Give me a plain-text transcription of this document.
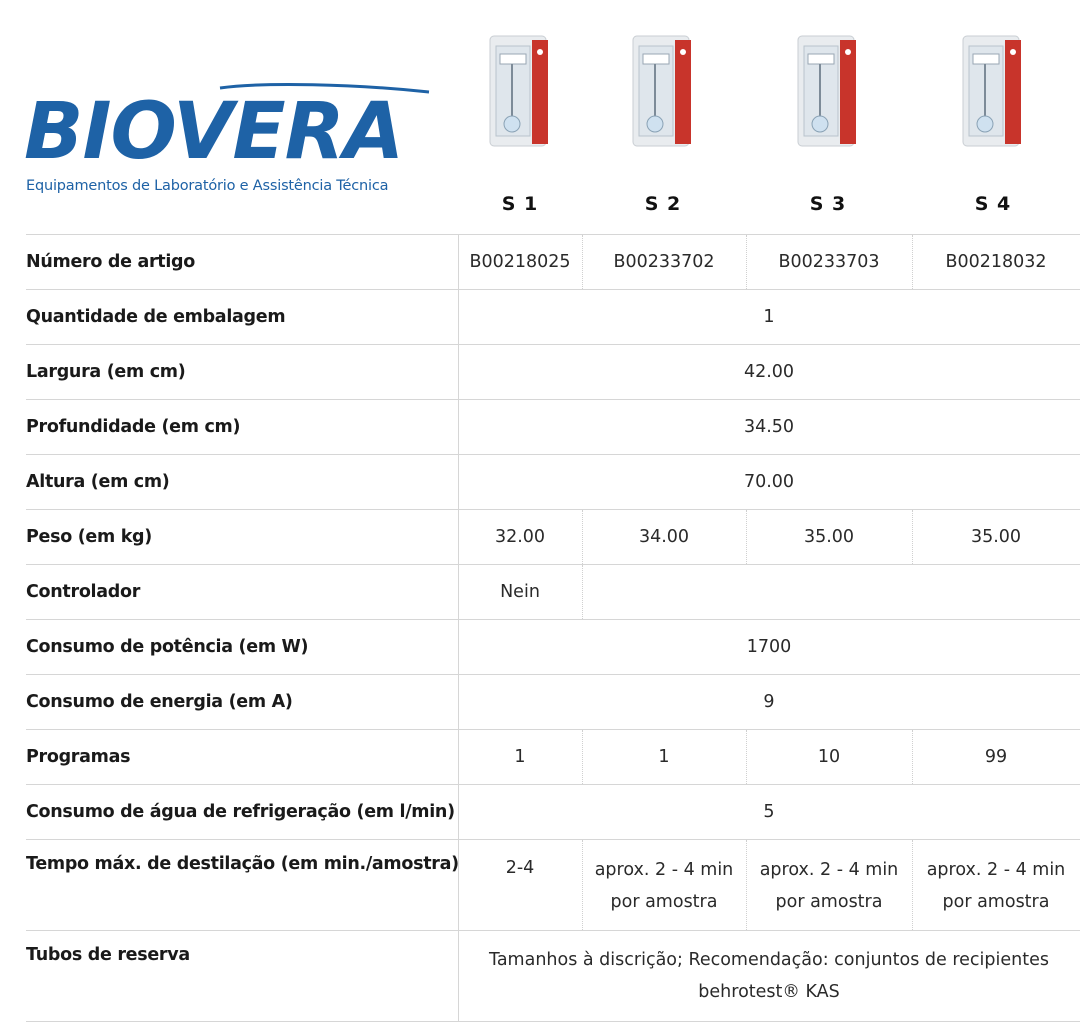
BIOVERA
Equipamentos de Laboratório e Assistência Técnica
S 1	S 2	S 3	S 4
Número de artigo	B00218025	B00233702	B00233703	B00218032
Quantidade de embalagem	1			
Largura (em cm)	42.00			
Profundidade (em cm)	34.50			
Altura (em cm)	70.00			
Peso (em kg)	32.00	34.00	35.00	35.00
Controlador	Nein			
Consumo de potência (em W)	1700			
Consumo de energia (em A)	9			
Programas	1	1	10	99
Consumo de água de refrigeração (em l/min)	5			
Tempo máx. de destilação (em min./amostra)	2-4	aprox. 2 - 4 min por amostra	aprox. 2 - 4 min por amostra	aprox. 2 - 4 min por amostra
Tubos de reserva	Tamanhos à discrição; Recomendação: conjuntos de recipientes behrotest® KAS			
